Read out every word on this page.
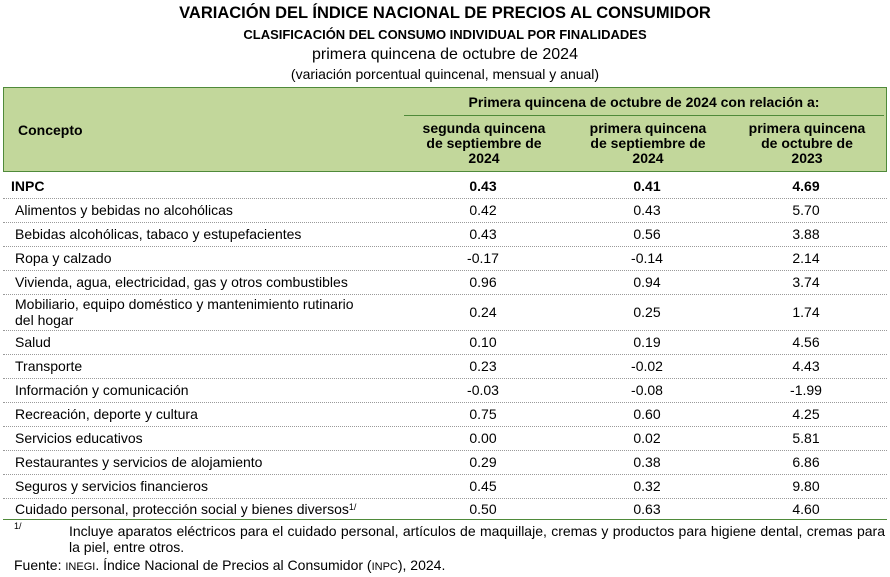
VARIACIÓN DEL ÍNDICE NACIONAL DE PRECIOS AL CONSUMIDOR
CLASIFICACIÓN DEL CONSUMO INDIVIDUAL POR FINALIDADES
primera quincena de octubre de 2024
(variación porcentual quincenal, mensual y anual)
Concepto
Primera quincena de octubre de 2024 con relación a:
segunda quincena
de septiembre de
2024
primera quincena
de septiembre de
2024
primera quincena
de octubre de
2023
INPC	0.43	0.41	4.69
Alimentos y bebidas no alcohólicas	0.42	0.43	5.70
Bebidas alcohólicas, tabaco y estupefacientes	0.43	0.56	3.88
Ropa y calzado	-0.17	-0.14	2.14
Vivienda, agua, electricidad, gas y otros combustibles	0.96	0.94	3.74
Mobiliario, equipo doméstico y mantenimiento rutinario
del hogar	0.24	0.25	1.74
Salud	0.10	0.19	4.56
Transporte	0.23	-0.02	4.43
Información y comunicación	-0.03	-0.08	-1.99
Recreación, deporte y cultura	0.75	0.60	4.25
Servicios educativos	0.00	0.02	5.81
Restaurantes y servicios de alojamiento	0.29	0.38	6.86
Seguros y servicios financieros	0.45	0.32	9.80
Cuidado personal, protección social y bienes diversos$^{1/}$	0.50	0.63	4.60
1/	Incluye aparatos eléctricos para el cuidado personal, artículos de maquillaje, cremas y productos para higiene dental, cremas para la piel, entre otros.
Fuente: INEGI. Índice Nacional de Precios al Consumidor (INPC), 2024.
